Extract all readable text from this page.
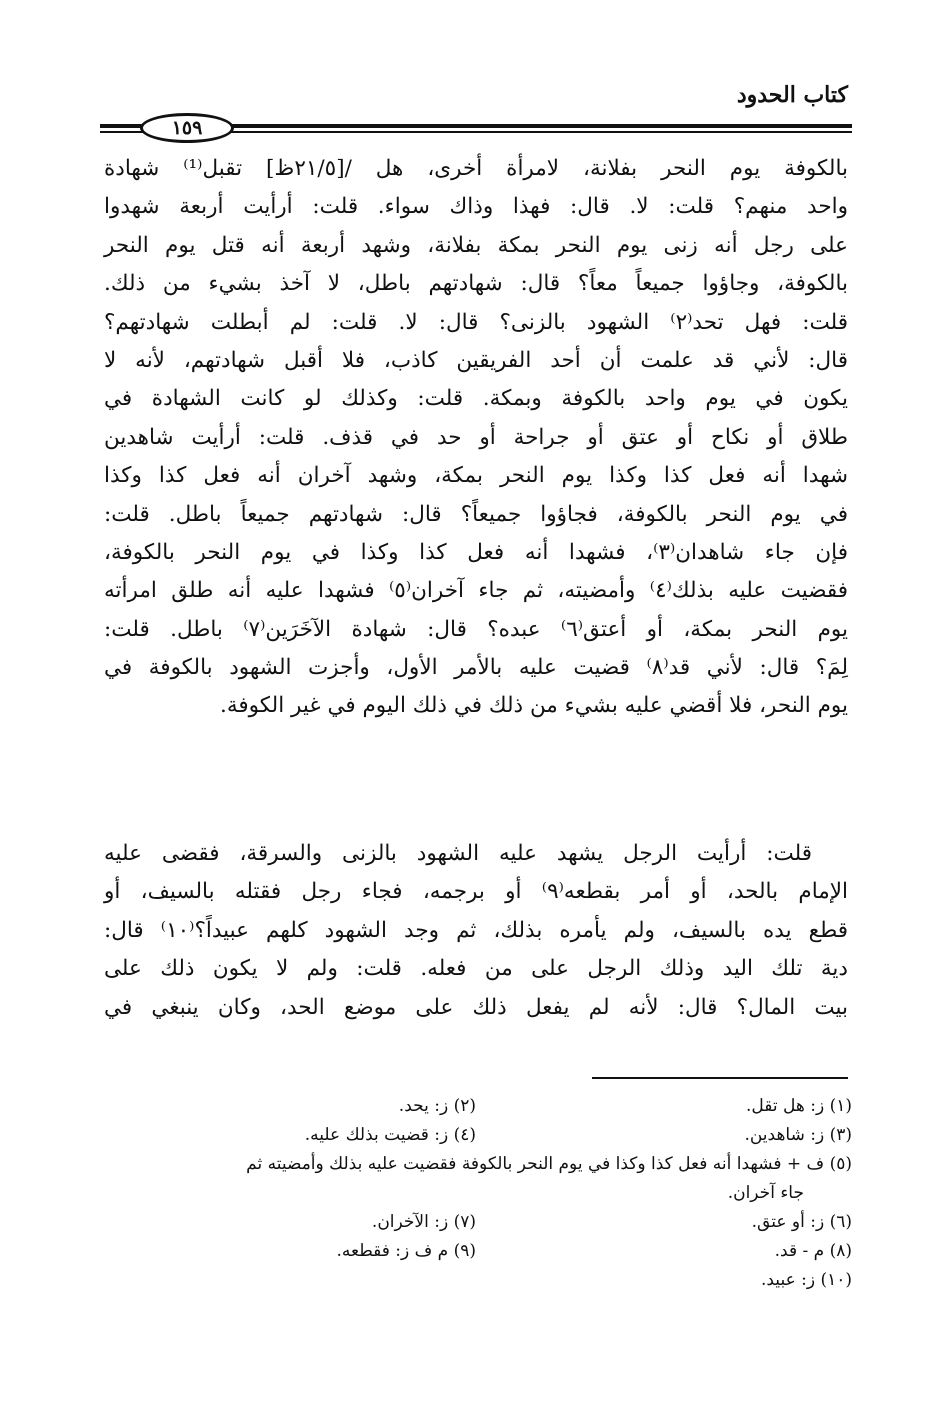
كتاب الحدود
١٥٩
بالكوفة يوم النحر بفلانة، لامرأة أخرى، هل /[٢١/٥ظ] تقبل⁽¹⁾ شهادة
واحد منهم؟ قلت: لا. قال: فهذا وذاك سواء. قلت: أرأيت أربعة شهدوا
على رجل أنه زنى يوم النحر بمكة بفلانة، وشهد أربعة أنه قتل يوم النحر
بالكوفة، وجاؤوا جميعاً معاً؟ قال: شهادتهم باطل، لا آخذ بشيء من ذلك.
قلت: فهل تحد⁽٢⁾ الشهود بالزنى؟ قال: لا. قلت: لم أبطلت شهادتهم؟
قال: لأني قد علمت أن أحد الفريقين كاذب، فلا أقبل شهادتهم، لأنه لا
يكون في يوم واحد بالكوفة وبمكة. قلت: وكذلك لو كانت الشهادة في
طلاق أو نكاح أو عتق أو جراحة أو حد في قذف. قلت: أرأيت شاهدين
شهدا أنه فعل كذا وكذا يوم النحر بمكة، وشهد آخران أنه فعل كذا وكذا
في يوم النحر بالكوفة، فجاؤوا جميعاً؟ قال: شهادتهم جميعاً باطل. قلت:
فإن جاء شاهدان⁽٣⁾، فشهدا أنه فعل كذا وكذا في يوم النحر بالكوفة،
فقضيت عليه بذلك⁽٤⁾ وأمضيته، ثم جاء آخران⁽٥⁾ فشهدا عليه أنه طلق امرأته
يوم النحر بمكة، أو أعتق⁽٦⁾ عبده؟ قال: شهادة الآخَرَين⁽٧⁾ باطل. قلت:
لِمَ؟ قال: لأني قد⁽٨⁾ قضيت عليه بالأمر الأول، وأجزت الشهود بالكوفة في
يوم النحر، فلا أقضي عليه بشيء من ذلك في ذلك اليوم في غير الكوفة.
قلت: أرأيت الرجل يشهد عليه الشهود بالزنى والسرقة، فقضى عليه
الإمام بالحد، أو أمر بقطعه⁽٩⁾ أو برجمه، فجاء رجل فقتله بالسيف، أو
قطع يده بالسيف، ولم يأمره بذلك، ثم وجد الشهود كلهم عبيداً؟⁽١٠⁾ قال:
دية تلك اليد وذلك الرجل على من فعله. قلت: ولم لا يكون ذلك على
بيت المال؟ قال: لأنه لم يفعل ذلك على موضع الحد، وكان ينبغي في
(١) ز: هل تقل.
(٢) ز: يحد.
(٣) ز: شاهدين.
(٤) ز: قضيت بذلك عليه.
(٥) ف + فشهدا أنه فعل كذا وكذا في يوم النحر بالكوفة فقضيت عليه بذلك وأمضيته ثم
جاء آخران.
(٦) ز: أو عتق.
(٧) ز: الآخران.
(٨) م - قد.
(٩) م ف ز: فقطعه.
(١٠) ز: عبيد.
